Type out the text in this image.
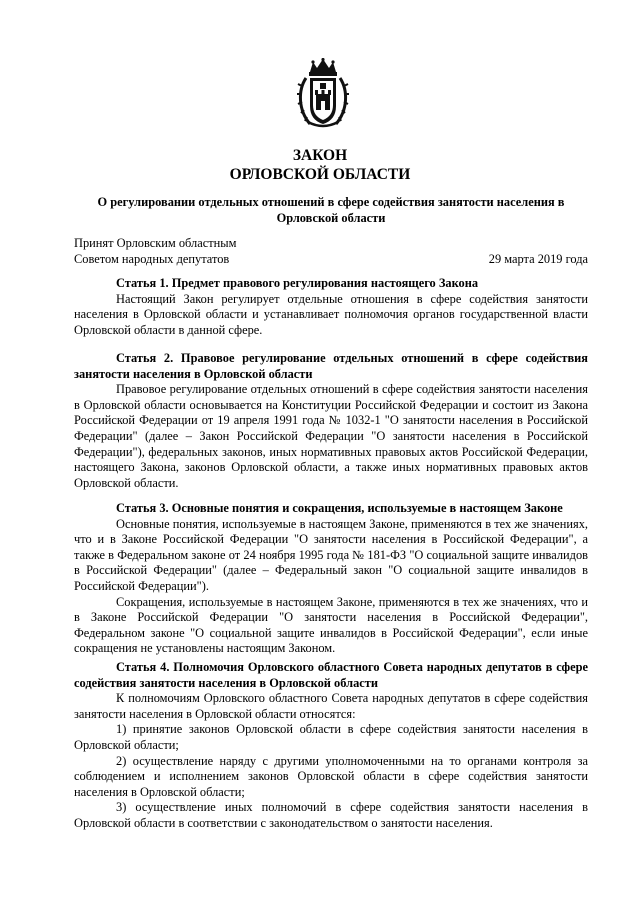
ЗАКОН
ОРЛОВСКОЙ ОБЛАСТИ
О регулировании отдельных отношений в сфере содействия занятости населения в Орловской области
Принят Орловским областным
Советом народных депутатов	29 марта 2019 года
Статья 1. Предмет правового регулирования настоящего Закона
Настоящий Закон регулирует отдельные отношения в сфере содействия занятости населения в Орловской области и устанавливает полномочия органов государственной власти Орловской области в данной сфере.
Статья 2. Правовое регулирование отдельных отношений в сфере содействия занятости населения в Орловской области
Правовое регулирование отдельных отношений в сфере содействия занятости населения в Орловской области основывается на Конституции Российской Федерации и состоит из Закона Российской Федерации от 19 апреля 1991 года № 1032-1 "О занятости населения в Российской Федерации" (далее – Закон Российской Федерации "О занятости населения в Российской Федерации"), федеральных законов, иных нормативных правовых актов Российской Федерации, настоящего Закона, законов Орловской области, а также иных нормативных правовых актов Орловской области.
Статья 3. Основные понятия и сокращения, используемые в настоящем Законе
Основные понятия, используемые в настоящем Законе, применяются в тех же значениях, что и в Законе Российской Федерации "О занятости населения в Российской Федерации", а также в Федеральном законе от 24 ноября 1995 года № 181-ФЗ "О социальной защите инвалидов в Российской Федерации" (далее – Федеральный закон "О социальной защите инвалидов в Российской Федерации").
Сокращения, используемые в настоящем Законе, применяются в тех же значениях, что и в Законе Российской Федерации "О занятости населения в Российской Федерации", Федеральном законе "О социальной защите инвалидов в Российской Федерации", если иные сокращения не установлены настоящим Законом.
Статья 4. Полномочия Орловского областного Совета народных депутатов в сфере содействия занятости населения в Орловской области
К полномочиям Орловского областного Совета народных депутатов в сфере содействия занятости населения в Орловской области относятся:
1) принятие законов Орловской области в сфере содействия занятости населения в Орловской области;
2) осуществление наряду с другими уполномоченными на то органами контроля за соблюдением и исполнением законов Орловской области в сфере содействия занятости населения в Орловской области;
3) осуществление иных полномочий в сфере содействия занятости населения в Орловской области в соответствии с законодательством о занятости населения.
